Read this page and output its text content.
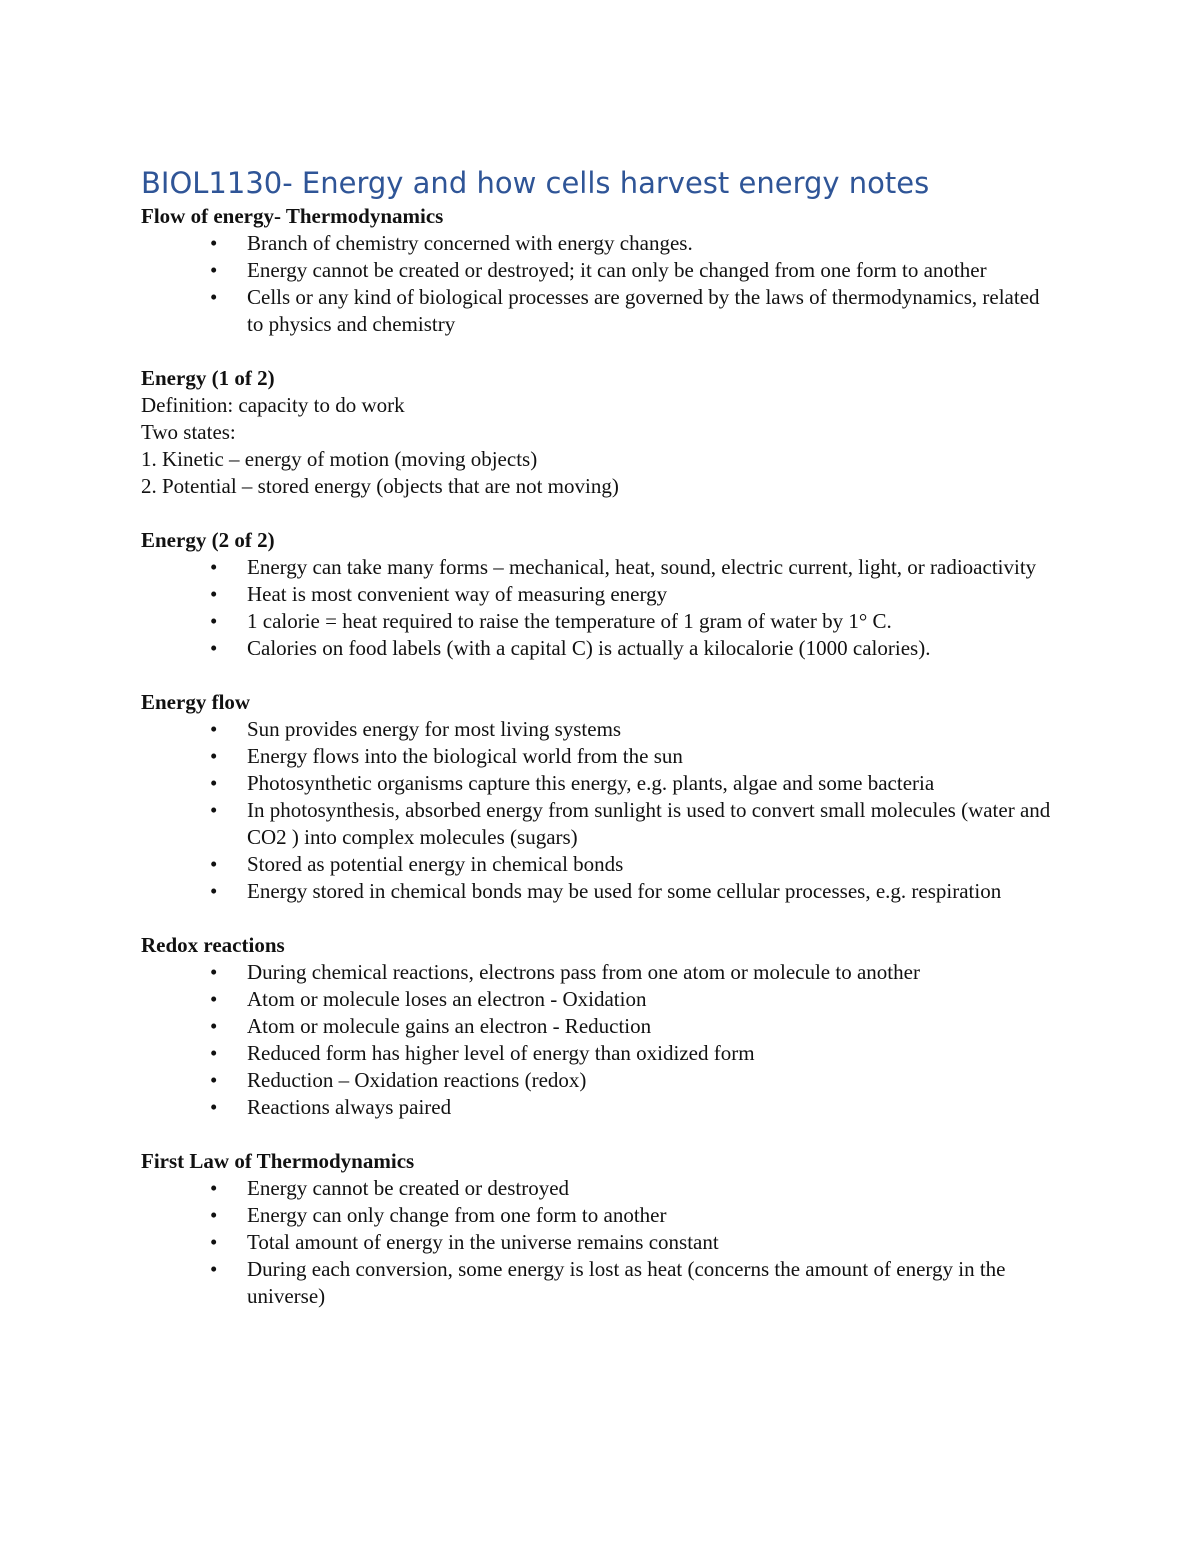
BIOL1130- Energy and how cells harvest energy notes
Flow of energy- Thermodynamics
•	Branch of chemistry concerned with energy changes.
•	Energy cannot be created or destroyed; it can only be changed from one form to another
•	Cells or any kind of biological processes are governed by the laws of thermodynamics, related to physics and chemistry
Energy (1 of 2)
Definition: capacity to do work
Two states:
1. Kinetic – energy of motion (moving objects)
2. Potential – stored energy (objects that are not moving)
Energy (2 of 2)
•	Energy can take many forms – mechanical, heat, sound, electric current, light, or radioactivity
•	Heat is most convenient way of measuring energy
•	1 calorie = heat required to raise the temperature of 1 gram of water by 1° C.
•	Calories on food labels (with a capital C) is actually a kilocalorie (1000 calories).
Energy flow
•	Sun provides energy for most living systems
•	Energy flows into the biological world from the sun
•	Photosynthetic organisms capture this energy, e.g. plants, algae and some bacteria
•	In photosynthesis, absorbed energy from sunlight is used to convert small molecules (water and CO2 ) into complex molecules (sugars)
•	Stored as potential energy in chemical bonds
•	Energy stored in chemical bonds may be used for some cellular processes, e.g. respiration
Redox reactions
•	During chemical reactions, electrons pass from one atom or molecule to another
•	Atom or molecule loses an electron - Oxidation
•	Atom or molecule gains an electron - Reduction
•	Reduced form has higher level of energy than oxidized form
•	Reduction – Oxidation reactions (redox)
•	Reactions always paired
First Law of Thermodynamics
•	Energy cannot be created or destroyed
•	Energy can only change from one form to another
•	Total amount of energy in the universe remains constant
•	During each conversion, some energy is lost as heat (concerns the amount of energy in the universe)
